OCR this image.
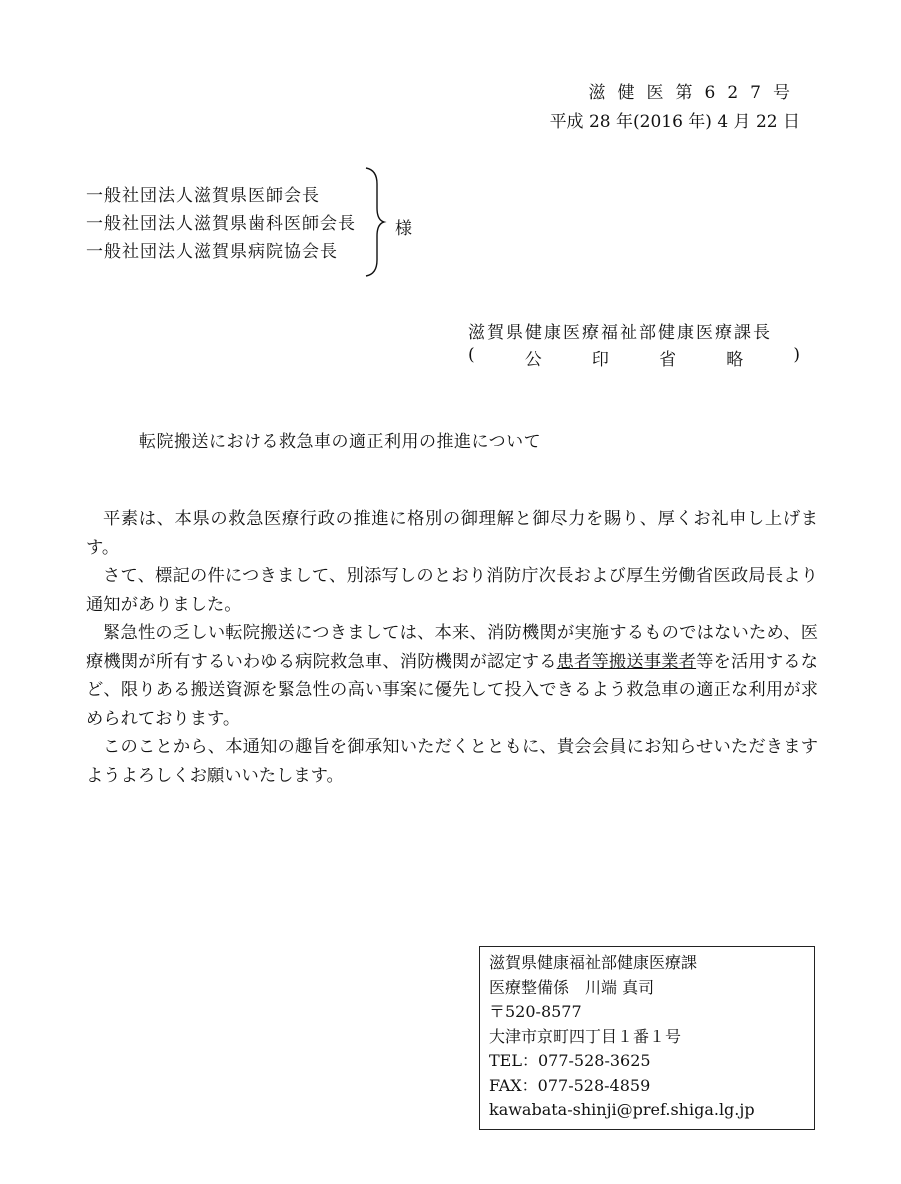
滋健医第627号
平成 28 年(2016 年) 4 月 22 日
一般社団法人滋賀県医師会長
一般社団法人滋賀県歯科医師会長
一般社団法人滋賀県病院協会長
様
滋賀県健康医療福祉部健康医療課長
(	公	印	省	略	)
転院搬送における救急車の適正利用の推進について

平素は、本県の救急医療行政の推進に格別の御理解と御尽力を賜り、厚くお礼申し上げます。

さて、標記の件につきまして、別添写しのとおり消防庁次長および厚生労働省医政局長より通知がありました。

緊急性の乏しい転院搬送につきましては、本来、消防機関が実施するものではないため、医療機関が所有するいわゆる病院救急車、消防機関が認定する患者等搬送事業者等を活用するなど、限りある搬送資源を緊急性の高い事案に優先して投入できるよう救急車の適正な利用が求められております。

このことから、本通知の趣旨を御承知いただくとともに、貴会会員にお知らせいただきますようよろしくお願いいたします。

滋賀県健康福祉部健康医療課
医療整備係　川端 真司
〒520-8577
大津市京町四丁目１番１号
TEL：077-528-3625
FAX：077-528-4859
kawabata-shinji@pref.shiga.lg.jp
